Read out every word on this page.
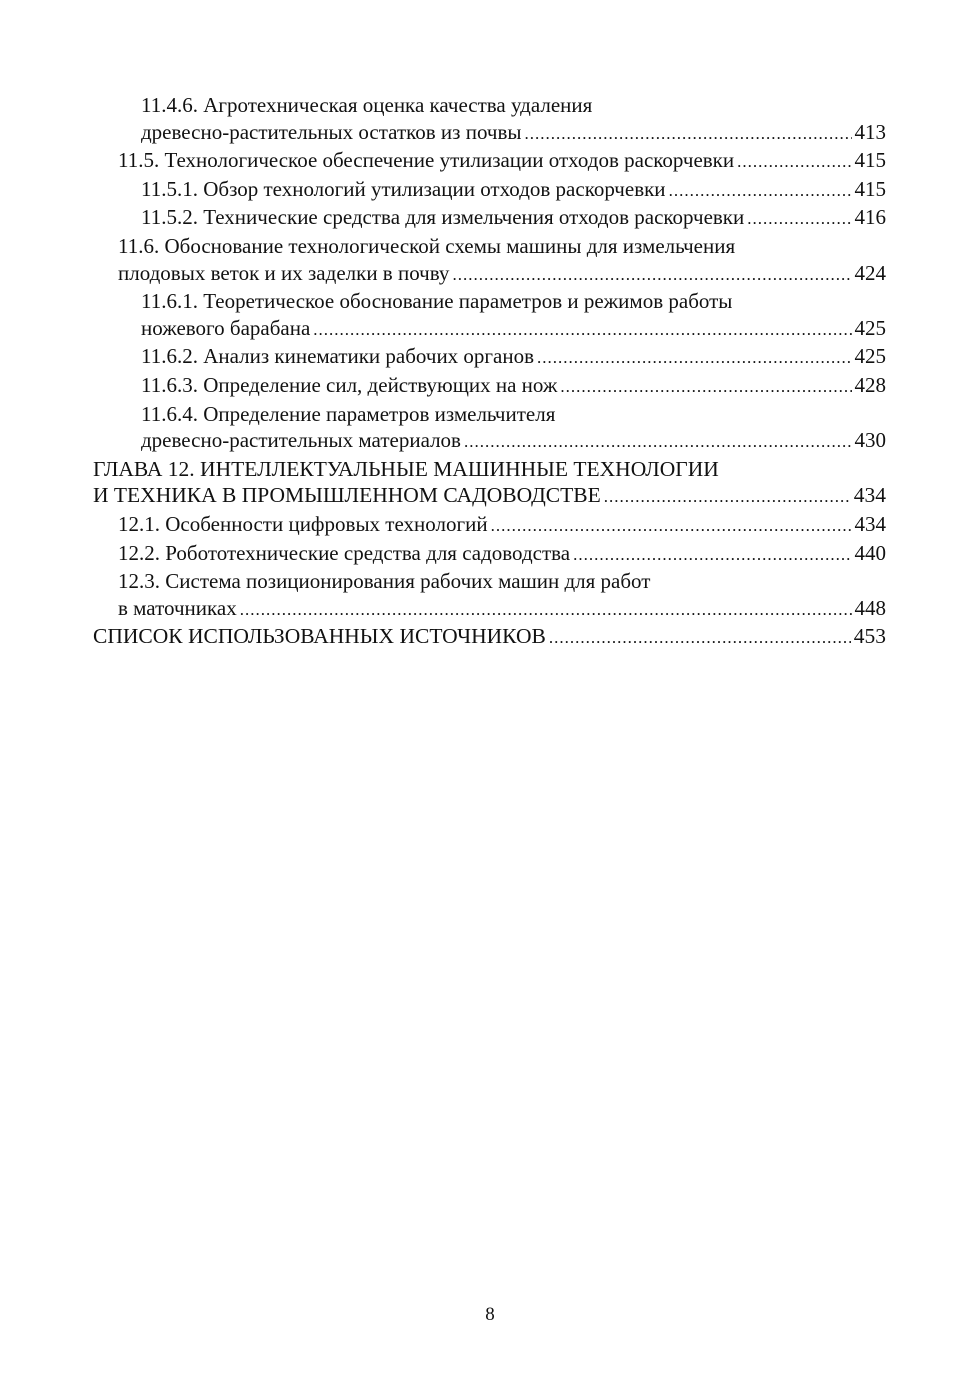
11.4.6. Агротехническая оценка качества удаления
древесно-растительных остатков из почвы .....	413
11.5. Технологическое обеспечение утилизации отходов раскорчевки .....	415
11.5.1. Обзор технологий утилизации отходов раскорчевки .....	415
11.5.2. Технические средства для измельчения отходов раскорчевки .....	416
11.6. Обоснование технологической схемы машины для измельчения
плодовых веток и их заделки в почву .....	424
11.6.1. Теоретическое обоснование параметров и режимов работы
ножевого барабана .....	425
11.6.2. Анализ кинематики рабочих органов .....	425
11.6.3. Определение сил, действующих на нож .....	428
11.6.4. Определение параметров измельчителя
древесно-растительных материалов .....	430
ГЛАВА 12. ИНТЕЛЛЕКТУАЛЬНЫЕ МАШИННЫЕ ТЕХНОЛОГИИ
И ТЕХНИКА В ПРОМЫШЛЕННОМ САДОВОДСТВЕ .....	434
12.1. Особенности цифровых технологий .....	434
12.2. Робототехнические средства для садоводства .....	440
12.3. Система позиционирования рабочих машин для работ
в маточниках .....	448
СПИСОК ИСПОЛЬЗОВАННЫХ ИСТОЧНИКОВ .....	453
8
